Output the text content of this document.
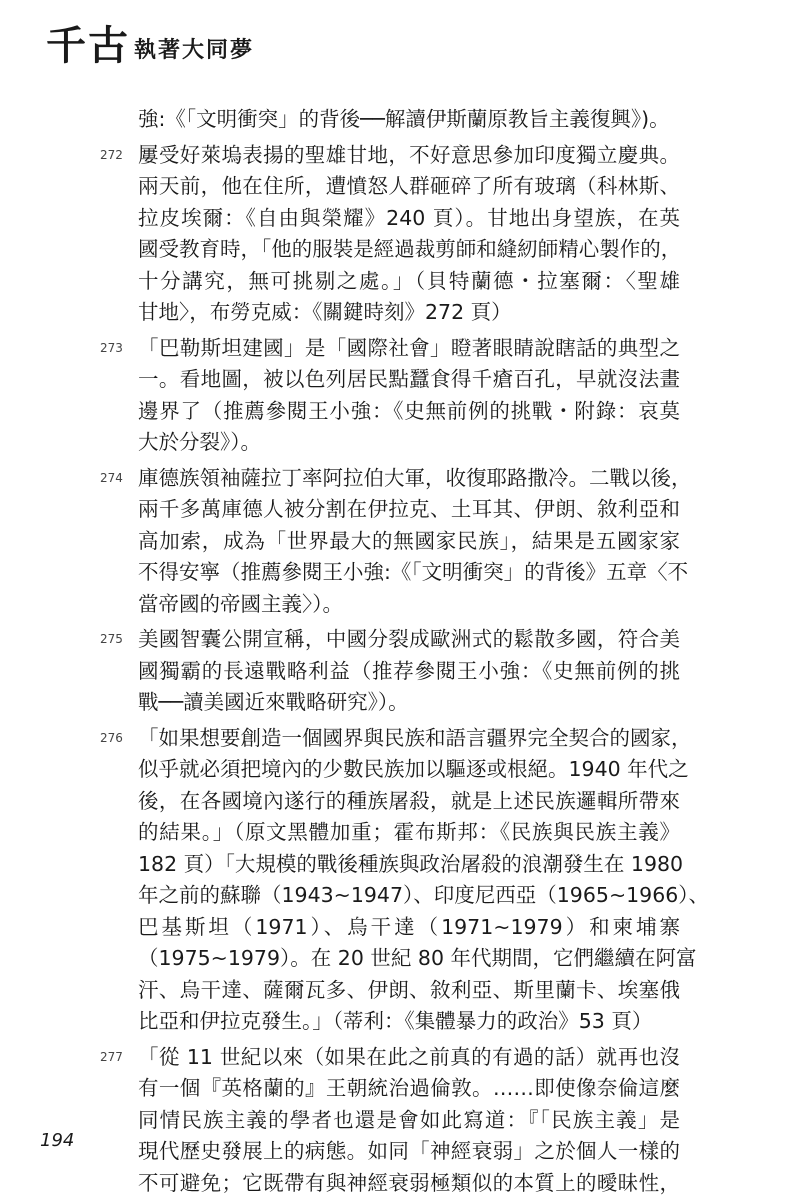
千古 執著大同夢
強:《「文明衝突」的背後──解讀伊斯蘭原教旨主義復興》)。
272 屢受好萊塢表揚的聖雄甘地，不好意思參加印度獨立慶典。
兩天前，他在住所，遭憤怒人群砸碎了所有玻璃（科林斯、
拉皮埃爾：《自由與榮耀》240 頁）。甘地出身望族，在英
國受教育時，「他的服裝是經過裁剪師和縫紉師精心製作的，
十分講究，無可挑剔之處。」（貝特蘭德・拉塞爾：〈聖雄
甘地〉，布勞克威：《關鍵時刻》272 頁）
273 「巴勒斯坦建國」是「國際社會」瞪著眼睛說瞎話的典型之
一。看地圖，被以色列居民點蠶食得千瘡百孔，早就沒法畫
邊界了（推薦參閱王小強：《史無前例的挑戰・附錄：哀莫
大於分裂》）。
274 庫德族領袖薩拉丁率阿拉伯大軍，收復耶路撒冷。二戰以後，
兩千多萬庫德人被分割在伊拉克、土耳其、伊朗、敘利亞和
高加索，成為「世界最大的無國家民族」，結果是五國家家
不得安寧（推薦參閱王小強:《「文明衝突」的背後》五章〈不
當帝國的帝國主義〉）。
275 美國智囊公開宣稱，中國分裂成歐洲式的鬆散多國，符合美
國獨霸的長遠戰略利益（推荐參閱王小強：《史無前例的挑
戰──讀美國近來戰略研究》）。
276 「如果想要創造一個國界與民族和語言疆界完全契合的國家，
似乎就必須把境內的少數民族加以驅逐或根絕。1940 年代之
後，在各國境內遂行的種族屠殺，就是上述民族邏輯所帶來
的結果。」（原文黑體加重；霍布斯邦：《民族與民族主義》
182 頁）「大規模的戰後種族與政治屠殺的浪潮發生在 1980
年之前的蘇聯（1943~1947）、印度尼西亞（1965~1966）、
巴基斯坦（1971）、烏干達（1971~1979）和柬埔寨
（1975~1979）。在 20 世紀 80 年代期間，它們繼續在阿富
汗、烏干達、薩爾瓦多、伊朗、敘利亞、斯里蘭卡、埃塞俄
比亞和伊拉克發生。」（蒂利：《集體暴力的政治》53 頁）
277 「從 11 世紀以來（如果在此之前真的有過的話）就再也沒
有一個『英格蘭的』王朝統治過倫敦。……即使像奈倫這麼
同情民族主義的學者也還是會如此寫道：『「民族主義」是
現代歷史發展上的病態。如同「神經衰弱」之於個人一樣的
不可避免；它既帶有與神經衰弱極類似的本質上的曖昧性，
194
